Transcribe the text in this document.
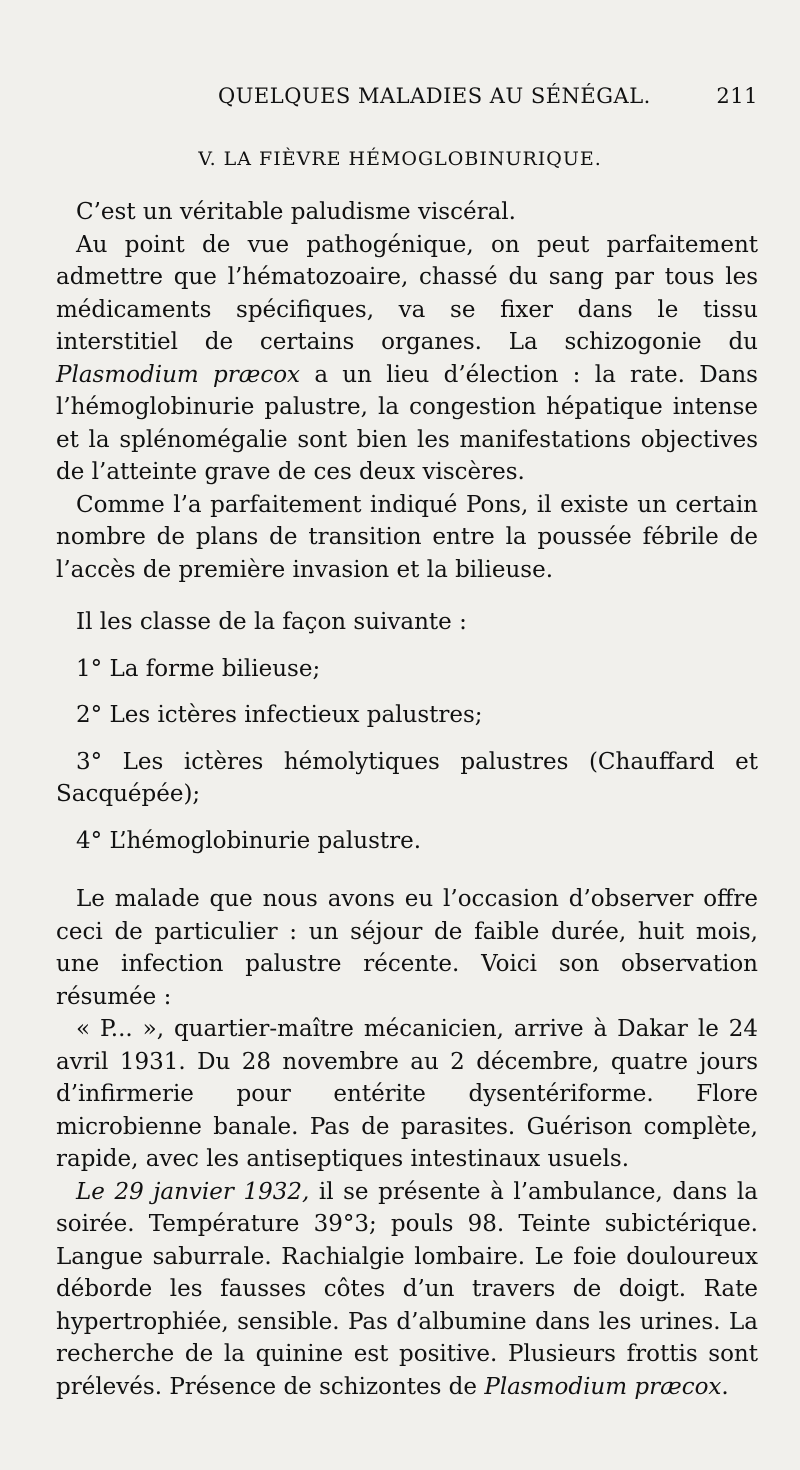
QUELQUES MALADIES AU SÉNÉGAL.	211
V. LA FIÈVRE HÉMOGLOBINURIQUE.

C’est un véritable paludisme viscéral.

Au point de vue pathogénique, on peut parfaitement admettre que l’hématozoaire, chassé du sang par tous les médicaments spécifiques, va se fixer dans le tissu interstitiel de certains organes. La schizogonie du Plasmodium præcox a un lieu d’élection : la rate. Dans l’hémoglobinurie palustre, la congestion hépatique intense et la splénomégalie sont bien les manifestations objectives de l’atteinte grave de ces deux viscères.

Comme l’a parfaitement indiqué Pons, il existe un certain nombre de plans de transition entre la poussée fébrile de l’accès de première invasion et la bilieuse.

Il les classe de la façon suivante :

1° La forme bilieuse;

2° Les ictères infectieux palustres;

3° Les ictères hémolytiques palustres (Chauffard et Sacquépée);

4° L’hémoglobinurie palustre.

Le malade que nous avons eu l’occasion d’observer offre ceci de particulier : un séjour de faible durée, huit mois, une infection palustre récente. Voici son observation résumée :

« P... », quartier-maître mécanicien, arrive à Dakar le 24 avril 1931. Du 28 novembre au 2 décembre, quatre jours d’infirmerie pour entérite dysentériforme. Flore microbienne banale. Pas de parasites. Guérison complète, rapide, avec les antiseptiques intestinaux usuels.

Le 29 janvier 1932, il se présente à l’ambulance, dans la soirée. Température 39°3; pouls 98. Teinte subictérique. Langue saburrale. Rachialgie lombaire. Le foie douloureux déborde les fausses côtes d’un travers de doigt. Rate hypertrophiée, sensible. Pas d’albumine dans les urines. La recherche de la quinine est positive. Plusieurs frottis sont prélevés. Présence de schizontes de Plasmodium præcox.
